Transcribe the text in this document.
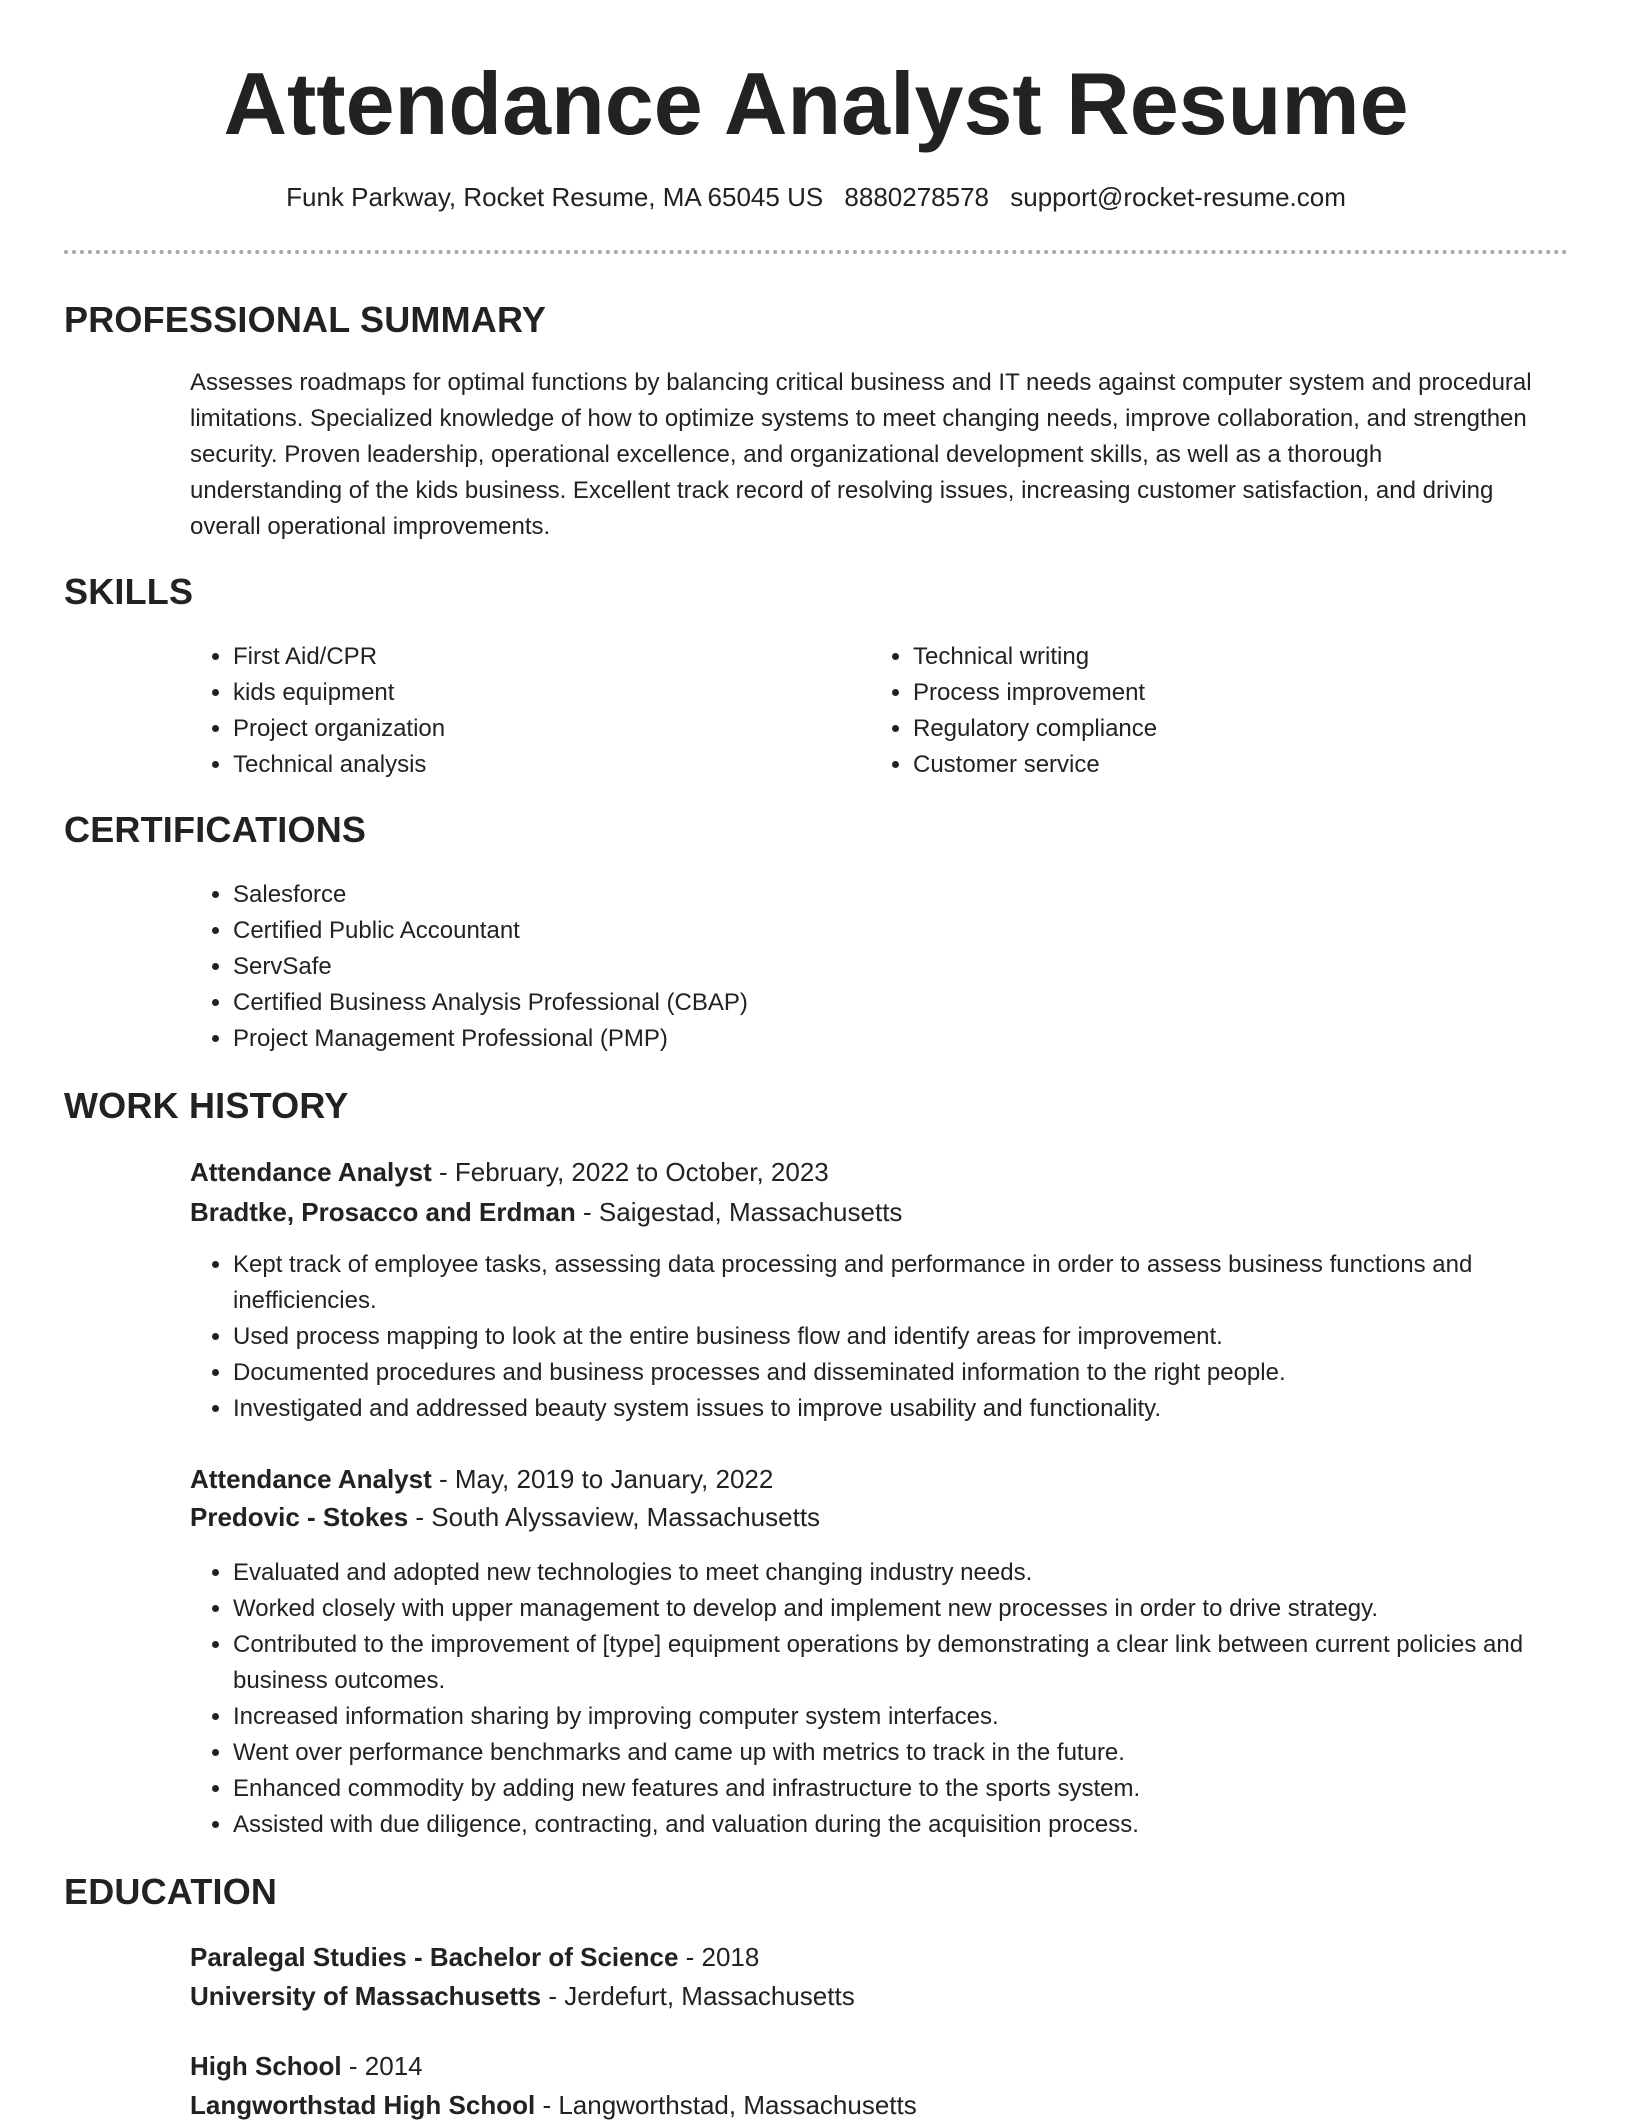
Attendance Analyst Resume
Funk Parkway, Rocket Resume, MA 65045 US 8880278578 support@rocket-resume.com
PROFESSIONAL SUMMARY

Assesses roadmaps for optimal functions by balancing critical business and IT needs against computer system and procedural limitations. Specialized knowledge of how to optimize systems to meet changing needs, improve collaboration, and strengthen security. Proven leadership, operational excellence, and organizational development skills, as well as a thorough understanding of the kids business. Excellent track record of resolving issues, increasing customer satisfaction, and driving overall operational improvements.

SKILLS
• First Aid/CPR
• kids equipment
• Project organization
• Technical analysis
• Technical writing
• Process improvement
• Regulatory compliance
• Customer service
CERTIFICATIONS
• Salesforce
• Certified Public Accountant
• ServSafe
• Certified Business Analysis Professional (CBAP)
• Project Management Professional (PMP)
WORK HISTORY
Attendance Analyst - February, 2022 to October, 2023
Bradtke, Prosacco and Erdman - Saigestad, Massachusetts
• Kept track of employee tasks, assessing data processing and performance in order to assess business functions and inefficiencies.
• Used process mapping to look at the entire business flow and identify areas for improvement.
• Documented procedures and business processes and disseminated information to the right people.
• Investigated and addressed beauty system issues to improve usability and functionality.
Attendance Analyst - May, 2019 to January, 2022
Predovic - Stokes - South Alyssaview, Massachusetts
• Evaluated and adopted new technologies to meet changing industry needs.
• Worked closely with upper management to develop and implement new processes in order to drive strategy.
• Contributed to the improvement of [type] equipment operations by demonstrating a clear link between current policies and business outcomes.
• Increased information sharing by improving computer system interfaces.
• Went over performance benchmarks and came up with metrics to track in the future.
• Enhanced commodity by adding new features and infrastructure to the sports system.
• Assisted with due diligence, contracting, and valuation during the acquisition process.
EDUCATION
Paralegal Studies - Bachelor of Science - 2018
University of Massachusetts - Jerdefurt, Massachusetts
High School - 2014
Langworthstad High School - Langworthstad, Massachusetts
